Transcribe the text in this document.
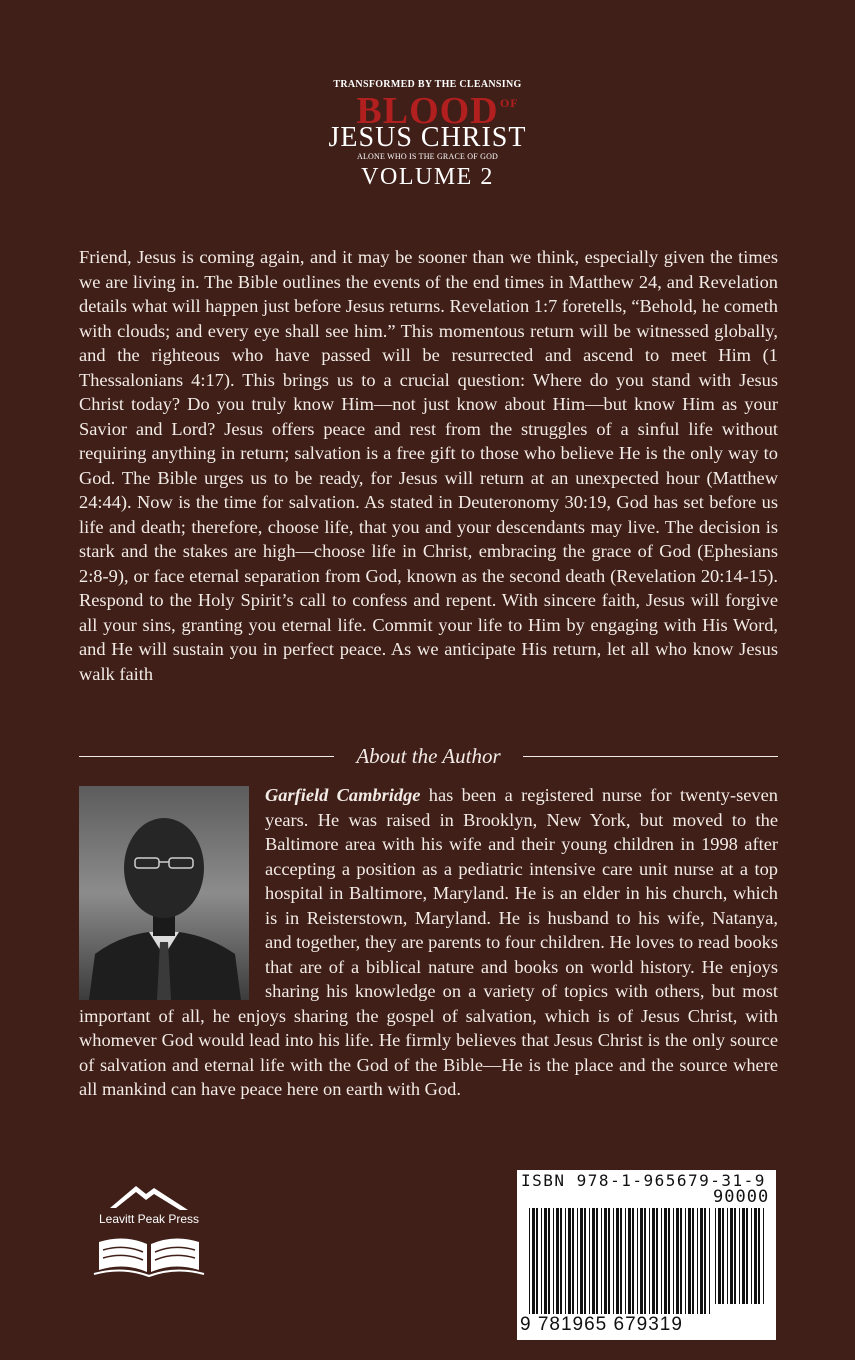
TRANSFORMED BY THE CLEANSING
BLOOD OF
JESUS CHRIST
ALONE WHO IS THE GRACE OF GOD
VOLUME 2
Friend, Jesus is coming again, and it may be sooner than we think, especially given the times we are living in. The Bible outlines the events of the end times in Matthew 24, and Revelation details what will happen just before Jesus returns. Revelation 1:7 foretells, “Behold, he cometh with clouds; and every eye shall see him.” This momentous return will be witnessed globally, and the righteous who have passed will be resurrected and ascend to meet Him (1 Thessalonians 4:17). This brings us to a crucial question: Where do you stand with Jesus Christ today? Do you truly know Him—not just know about Him—but know Him as your Savior and Lord? Jesus offers peace and rest from the struggles of a sinful life without requiring anything in return; salvation is a free gift to those who believe He is the only way to God. The Bible urges us to be ready, for Jesus will return at an unexpected hour (Matthew 24:44). Now is the time for salvation. As stated in Deuteronomy 30:19, God has set before us life and death; therefore, choose life, that you and your descendants may live. The decision is stark and the stakes are high—choose life in Christ, embracing the grace of God (Ephesians 2:8-9), or face eternal separation from God, known as the second death (Revelation 20:14-15). Respond to the Holy Spirit’s call to confess and repent. With sincere faith, Jesus will forgive all your sins, granting you eternal life. Commit your life to Him by engaging with His Word, and He will sustain you in perfect peace. As we anticipate His return, let all who know Jesus walk faith
About the Author
Garfield Cambridge has been a registered nurse for twenty-seven years. He was raised in Brooklyn, New York, but moved to the Baltimore area with his wife and their young children in 1998 after accepting a position as a pediatric intensive care unit nurse at a top hospital in Baltimore, Maryland. He is an elder in his church, which is in Reisterstown, Maryland. He is husband to his wife, Natanya, and together, they are parents to four children. He loves to read books that are of a biblical nature and books on world history. He enjoys sharing his knowledge on a variety of topics with others, but most important of all, he enjoys sharing the gospel of salvation, which is of Jesus Christ, with whomever God would lead into his life. He firmly believes that Jesus Christ is the only source of salvation and eternal life with the God of the Bible—He is the place and the source where all mankind can have peace here on earth with God.
Leavitt Peak Press
ISBN 978-1-965679-31-9
90000
9 781965 679319
